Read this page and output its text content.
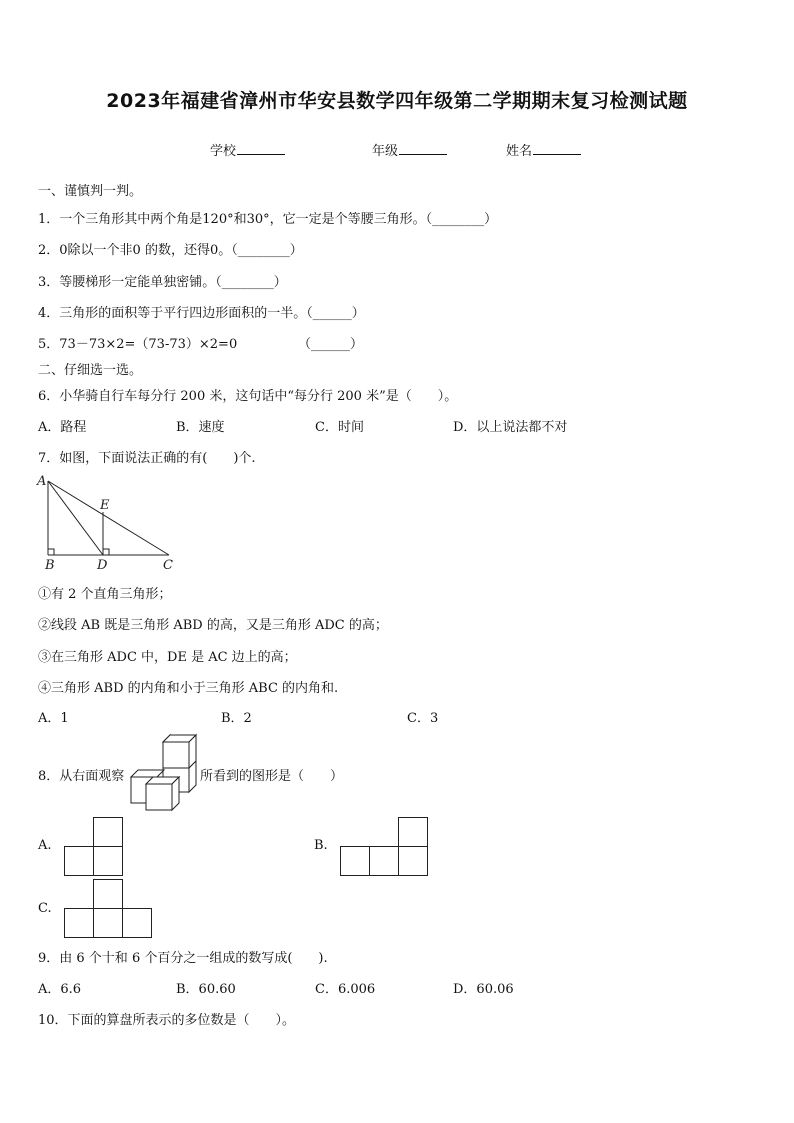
2023年福建省漳州市华安县数学四年级第二学期期末复习检测试题
学校	年级	姓名
一、谨慎判一判。
1．一个三角形其中两个角是120°和30°，它一定是个等腰三角形。（________）
2．0除以一个非0 的数，还得0。（________）
3．等腰梯形一定能单独密铺。（________）
4．三角形的面积等于平行四边形面积的一半。（______）
5．73－73×2=（73-73）×2=0	（______）
二、仔细选一选。
6．小华骑自行车每分行 200 米，这句话中“每分行 200 米”是（　　）。
A．路程	B．速度	C．时间	D．以上说法都不对
7．如图，下面说法正确的有(　　)个.
A
E
B	D	C
①有 2 个直角三角形；
②线段 AB 既是三角形 ABD 的高，又是三角形 ADC 的高；
③在三角形 ADC 中，DE 是 AC 边上的高；
④三角形 ABD 的内角和小于三角形 ABC 的内角和.
A．1	B．2	C．3
8．从右面观察	所看到的图形是（　　）
A.	B.
C.
9．由 6 个十和 6 个百分之一组成的数写成(　　).
A．6.6	B．60.60	C．6.006	D．60.06
10．下面的算盘所表示的多位数是（　　）。
